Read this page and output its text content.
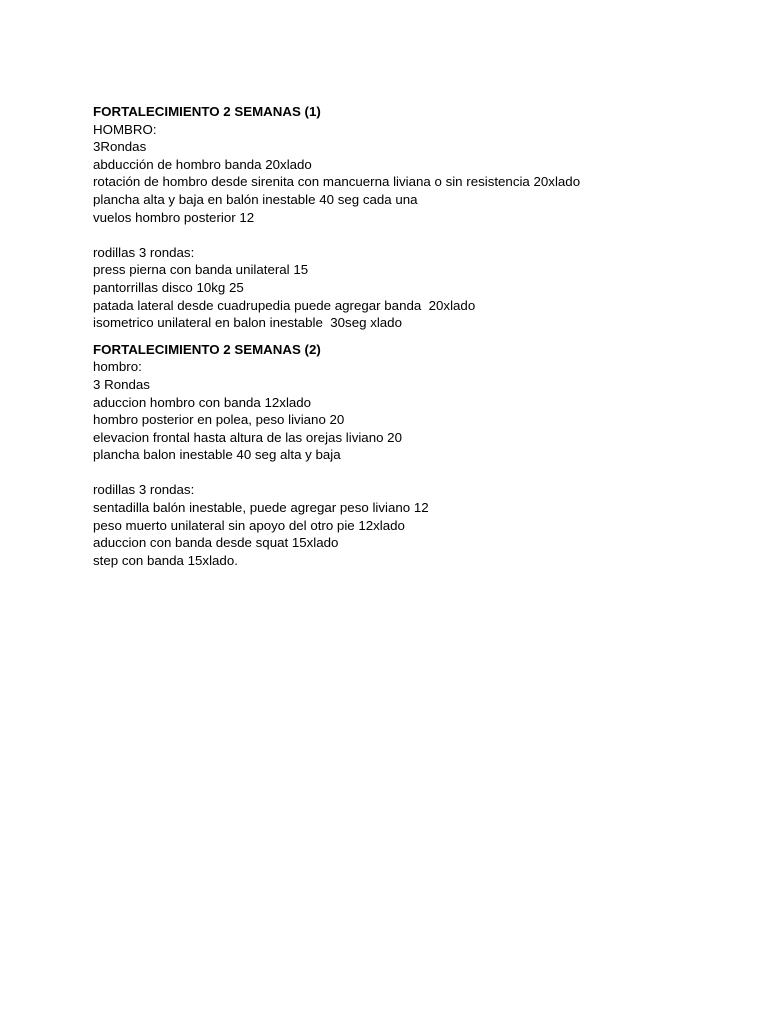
FORTALECIMIENTO 2 SEMANAS (1)
HOMBRO:
3Rondas
abducción de hombro banda 20xlado
rotación de hombro desde sirenita con mancuerna liviana o sin resistencia 20xlado
plancha alta y baja en balón inestable 40 seg cada una
vuelos hombro posterior 12
rodillas 3 rondas:
press pierna con banda unilateral 15
pantorrillas disco 10kg 25
patada lateral desde cuadrupedia puede agregar banda  20xlado
isometrico unilateral en balon inestable  30seg xlado
FORTALECIMIENTO 2 SEMANAS (2)
hombro:
3 Rondas
aduccion hombro con banda 12xlado
hombro posterior en polea, peso liviano 20
elevacion frontal hasta altura de las orejas liviano 20
plancha balon inestable 40 seg alta y baja
rodillas 3 rondas:
sentadilla balón inestable, puede agregar peso liviano 12
peso muerto unilateral sin apoyo del otro pie 12xlado
aduccion con banda desde squat 15xlado
step con banda 15xlado.
